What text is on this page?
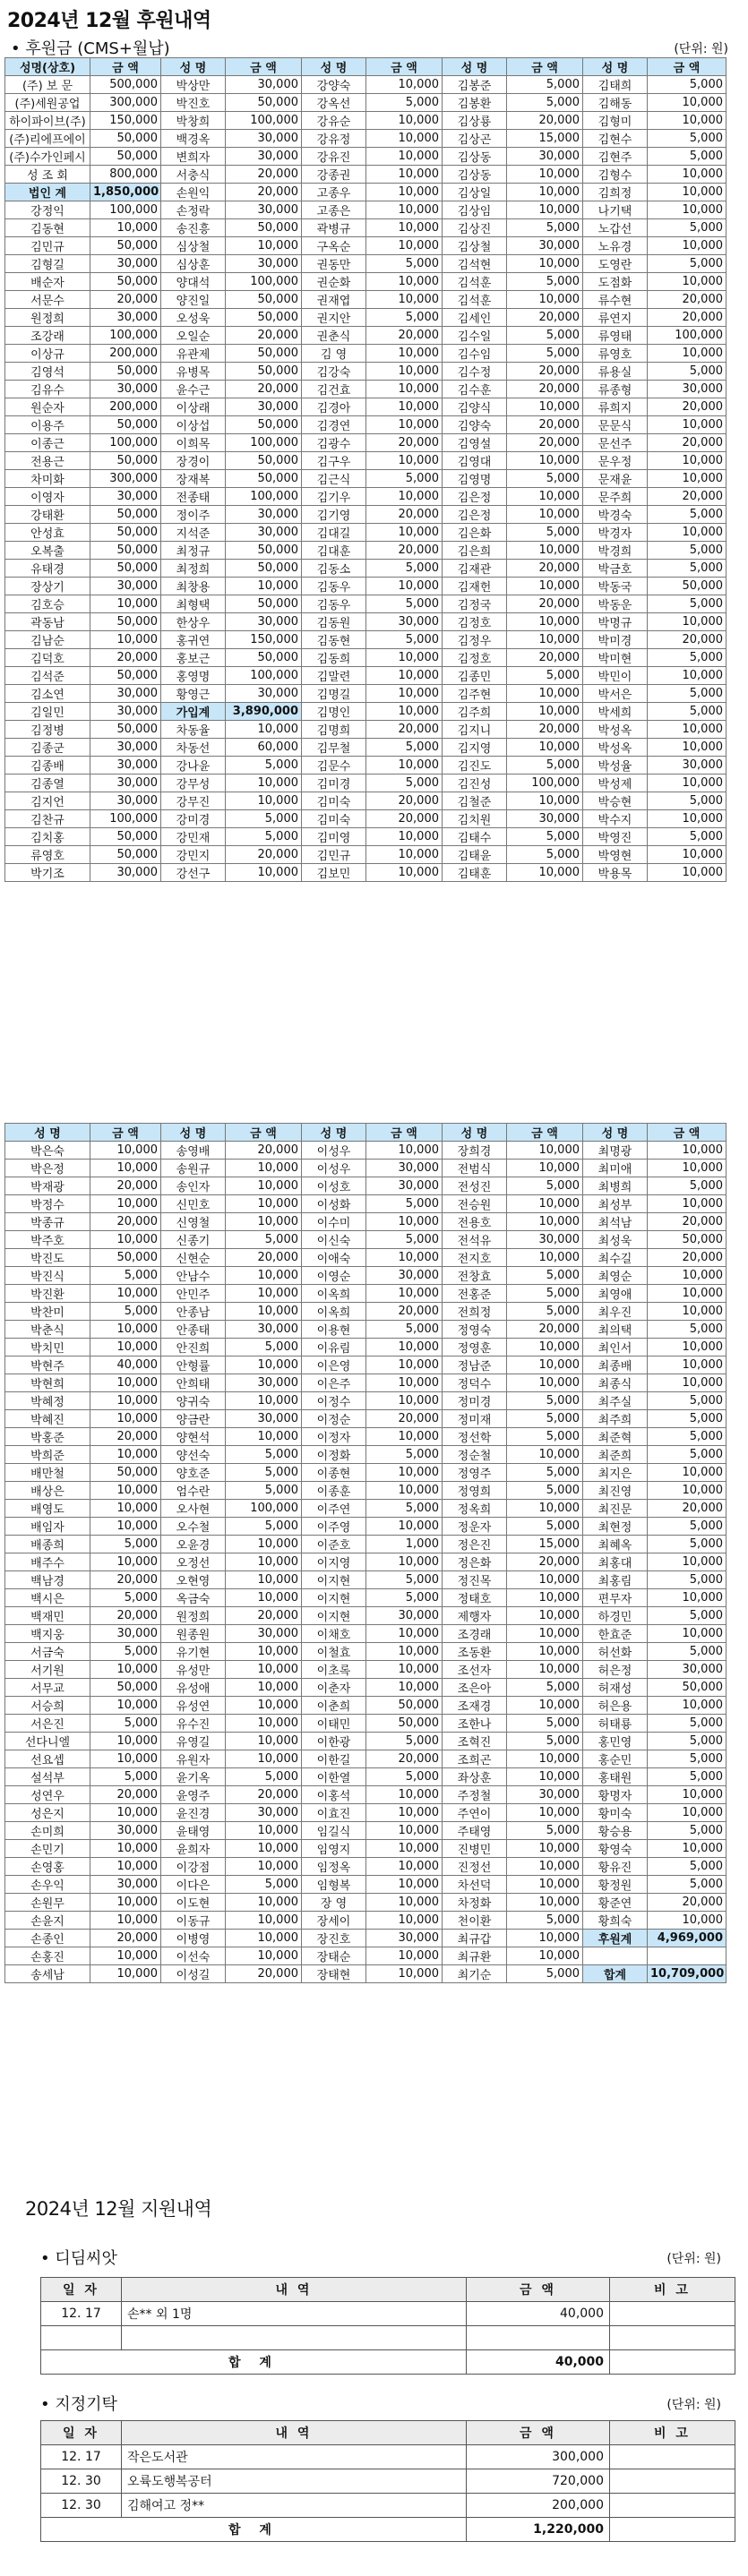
2024년 12월 후원내역
• 후원금 (CMS+월납)	(단위: 원)
성명(상호)	금 액	성 명	금 액	성 명	금 액	성 명	금 액	성 명	금 액
(주) 보 문	500,000	박상만	30,000	강양숙	10,000	김봉준	5,000	김태희	5,000
(주)세원공업	300,000	박진호	50,000	강옥선	5,000	김봉환	5,000	김해동	10,000
하이파이브(주)	150,000	박창희	100,000	강유순	10,000	김상룡	20,000	김형미	10,000
(주)리에프에이	50,000	백경옥	30,000	강유정	10,000	김상곤	15,000	김현수	5,000
(주)수가인페시	50,000	변희자	30,000	강유진	10,000	김상동	30,000	김현주	5,000
성 조 회	800,000	서충식	20,000	강종권	10,000	김상동	10,000	김형수	10,000
법인 계	1,850,000	손원익	20,000	고종우	10,000	김상일	10,000	김희정	10,000
강정익	100,000	손정락	30,000	고종은	10,000	김상임	10,000	나기택	10,000
김동현	10,000	송진흥	50,000	곽병규	10,000	김상진	5,000	노갑선	5,000
김민규	50,000	심상철	10,000	구옥순	10,000	김상철	30,000	노유경	10,000
김형길	30,000	심상훈	30,000	권동만	5,000	김석현	10,000	도영란	5,000
배순자	50,000	양대석	100,000	권순화	10,000	김석훈	5,000	도점화	10,000
서문수	20,000	양진일	50,000	권재엽	10,000	김석훈	10,000	류수현	20,000
원정희	30,000	오성욱	50,000	권지안	5,000	김세인	20,000	류연지	20,000
조강래	100,000	오일순	20,000	권춘식	20,000	김수일	5,000	류영태	100,000
이상규	200,000	유관제	50,000	김 영	10,000	김수임	5,000	류영호	10,000
김영석	50,000	유병목	50,000	김강숙	10,000	김수정	20,000	류용실	5,000
김유수	30,000	윤수근	20,000	김건효	10,000	김수훈	20,000	류종형	30,000
원순자	200,000	이상래	30,000	김경아	10,000	김양식	10,000	류희지	20,000
이용주	50,000	이상섭	50,000	김경연	10,000	김양숙	20,000	문문식	10,000
이종근	100,000	이희목	100,000	김광수	20,000	김영설	20,000	문선주	20,000
전용근	50,000	장경이	50,000	김구우	10,000	김영대	10,000	문우정	10,000
차미화	300,000	장재복	50,000	김근식	5,000	김영명	5,000	문재윤	10,000
이영자	30,000	전종태	100,000	김기우	10,000	김은정	10,000	문주희	20,000
강태환	50,000	정이주	30,000	김기영	20,000	김은정	10,000	박경숙	5,000
안성효	50,000	지석준	30,000	김대길	10,000	김은화	5,000	박경자	10,000
오복출	50,000	최정규	50,000	김대훈	20,000	김은희	10,000	박경희	5,000
유태경	50,000	최정희	50,000	김동소	5,000	김재관	20,000	박금호	5,000
장상기	30,000	최창용	10,000	김동우	10,000	김재헌	10,000	박동국	50,000
김호승	10,000	최형택	50,000	김동우	5,000	김정국	20,000	박동운	5,000
곽동남	50,000	한상우	30,000	김동원	30,000	김정호	10,000	박명규	10,000
김남순	10,000	홍귀연	150,000	김동현	5,000	김정우	10,000	박미경	20,000
김덕호	20,000	홍보근	50,000	김동희	10,000	김정호	20,000	박미현	5,000
김석준	50,000	홍영명	100,000	김말련	10,000	김종민	5,000	박민이	10,000
김소연	30,000	황영근	30,000	김명길	10,000	김주현	10,000	박서은	5,000
김일민	30,000	가입계	3,890,000	김명인	10,000	김주희	10,000	박세희	5,000
김정병	50,000	차동율	10,000	김명희	20,000	김지니	20,000	박성옥	10,000
김종군	30,000	차동선	60,000	김무철	5,000	김지영	10,000	박성옥	10,000
김종배	30,000	강나윤	5,000	김문수	10,000	김진도	5,000	박성율	30,000
김종열	30,000	강무성	10,000	김미경	5,000	김진성	100,000	박성제	10,000
김지언	30,000	강무진	10,000	김미숙	20,000	김철준	10,000	박승현	5,000
김찬규	100,000	강미경	5,000	김미숙	20,000	김치원	30,000	박수지	10,000
김치홍	50,000	강민재	5,000	김미영	10,000	김태수	5,000	박영진	5,000
류영호	50,000	강민지	20,000	김민규	10,000	김태윤	5,000	박영현	10,000
박기조	30,000	강선구	10,000	김보민	10,000	김태훈	10,000	박용목	10,000
성 명	금 액	성 명	금 액	성 명	금 액	성 명	금 액	성 명	금 액
박은숙	10,000	송영배	20,000	이성우	10,000	장희경	10,000	최명광	10,000
박은정	10,000	송원규	10,000	이성우	30,000	전범식	10,000	최미애	10,000
박재광	20,000	송인자	10,000	이성호	30,000	전성진	5,000	최병희	5,000
박정수	10,000	신민호	10,000	이성화	5,000	전승원	10,000	최성부	10,000
박종규	20,000	신영철	10,000	이수미	10,000	전용호	10,000	최석남	20,000
박주호	10,000	신종기	5,000	이신숙	5,000	전석유	30,000	최성욱	50,000
박진도	50,000	신현순	20,000	이애숙	10,000	전지호	10,000	최수길	20,000
박진식	5,000	안남수	10,000	이영순	30,000	전창효	5,000	최영순	10,000
박진환	10,000	안민주	10,000	이옥희	10,000	전홍준	5,000	최영애	10,000
박찬미	5,000	안종남	10,000	이옥희	20,000	전희정	5,000	최우진	10,000
박춘식	10,000	안종태	30,000	이용현	5,000	정영숙	20,000	최의택	5,000
박치민	10,000	안진희	5,000	이유림	10,000	정영훈	10,000	최인서	10,000
박현주	40,000	안형률	10,000	이은영	10,000	정남준	10,000	최종배	10,000
박현희	10,000	안희태	30,000	이은주	10,000	정덕수	10,000	최종식	10,000
박혜정	10,000	양귀숙	10,000	이정수	10,000	정미경	5,000	최주실	5,000
박혜진	10,000	양금란	30,000	이정순	20,000	정미재	5,000	최주희	5,000
박홍준	20,000	양현석	10,000	이정자	10,000	정선학	5,000	최준혁	5,000
박희준	10,000	양선숙	5,000	이정화	5,000	정순철	10,000	최준희	5,000
배만철	50,000	양호준	5,000	이종현	10,000	정영주	5,000	최지은	10,000
배상은	10,000	엄수란	5,000	이종훈	10,000	정영희	5,000	최진영	10,000
배영도	10,000	오사현	100,000	이주연	5,000	정옥희	10,000	최진문	20,000
배임자	10,000	오수철	5,000	이주영	10,000	정운자	5,000	최현정	5,000
배종희	5,000	오윤경	10,000	이준호	1,000	정은진	15,000	최혜옥	5,000
배주수	10,000	오정선	10,000	이지영	10,000	정은화	20,000	최홍대	10,000
백남경	20,000	오현영	10,000	이지현	5,000	정진목	10,000	최홍림	5,000
백시은	5,000	옥금숙	10,000	이지현	5,000	정태호	10,000	편무자	10,000
백재민	20,000	원정희	20,000	이지현	30,000	제행자	10,000	하경민	5,000
백지웅	30,000	원종원	30,000	이채호	10,000	조경래	10,000	한효준	10,000
서금숙	5,000	유기현	10,000	이철효	10,000	조동환	10,000	허선화	5,000
서기원	10,000	유성만	10,000	이초록	10,000	조선자	10,000	허은정	30,000
서무교	50,000	유성애	10,000	이춘자	10,000	조은아	5,000	허재성	50,000
서승희	10,000	유성연	10,000	이춘희	50,000	조재경	10,000	허은용	10,000
서은진	5,000	유수진	10,000	이태민	50,000	조한나	5,000	허태룡	5,000
선다니엘	10,000	유영길	10,000	이한광	5,000	조혁진	5,000	홍민영	5,000
선요셉	10,000	유원자	10,000	이한길	20,000	조희곤	10,000	홍순민	5,000
설석부	5,000	윤기옥	5,000	이한열	5,000	좌상훈	10,000	홍태원	5,000
성연우	20,000	윤영주	20,000	이홍석	10,000	주정철	30,000	황명자	10,000
성은지	10,000	윤진경	30,000	이효진	10,000	주연이	10,000	황미숙	10,000
손미희	30,000	윤태영	10,000	임길식	10,000	주태영	5,000	황승용	5,000
손민기	10,000	윤희자	10,000	임영지	10,000	진병민	10,000	황영숙	10,000
손영홍	10,000	이강점	10,000	임정옥	10,000	진정선	10,000	황유진	5,000
손우익	30,000	이다은	5,000	임형복	10,000	차선덕	10,000	황정원	5,000
손원무	10,000	이도현	10,000	장 영	10,000	차정화	10,000	황준연	20,000
손윤지	10,000	이동규	10,000	장세이	10,000	천이환	5,000	황희숙	10,000
손종인	20,000	이병영	10,000	장진호	30,000	최규갑	10,000	후원계	4,969,000
손홍진	10,000	이선숙	10,000	장태순	10,000	최규환	10,000		
송세남	10,000	이성길	20,000	장태현	10,000	최기순	5,000	합계	10,709,000
2024년 12월 지원내역
• 디딤씨앗	(단위: 원)
일 자	내 역	금 액	비 고
12. 17	손** 외 1명	40,000	

합 계		40,000	
• 지정기탁	(단위: 원)
일 자	내 역	금 액	비 고
12. 17	작은도서관	300,000	
12. 30	오륙도행복공터	720,000	
12. 30	김해여고 정**	200,000	
합 계		1,220,000	
